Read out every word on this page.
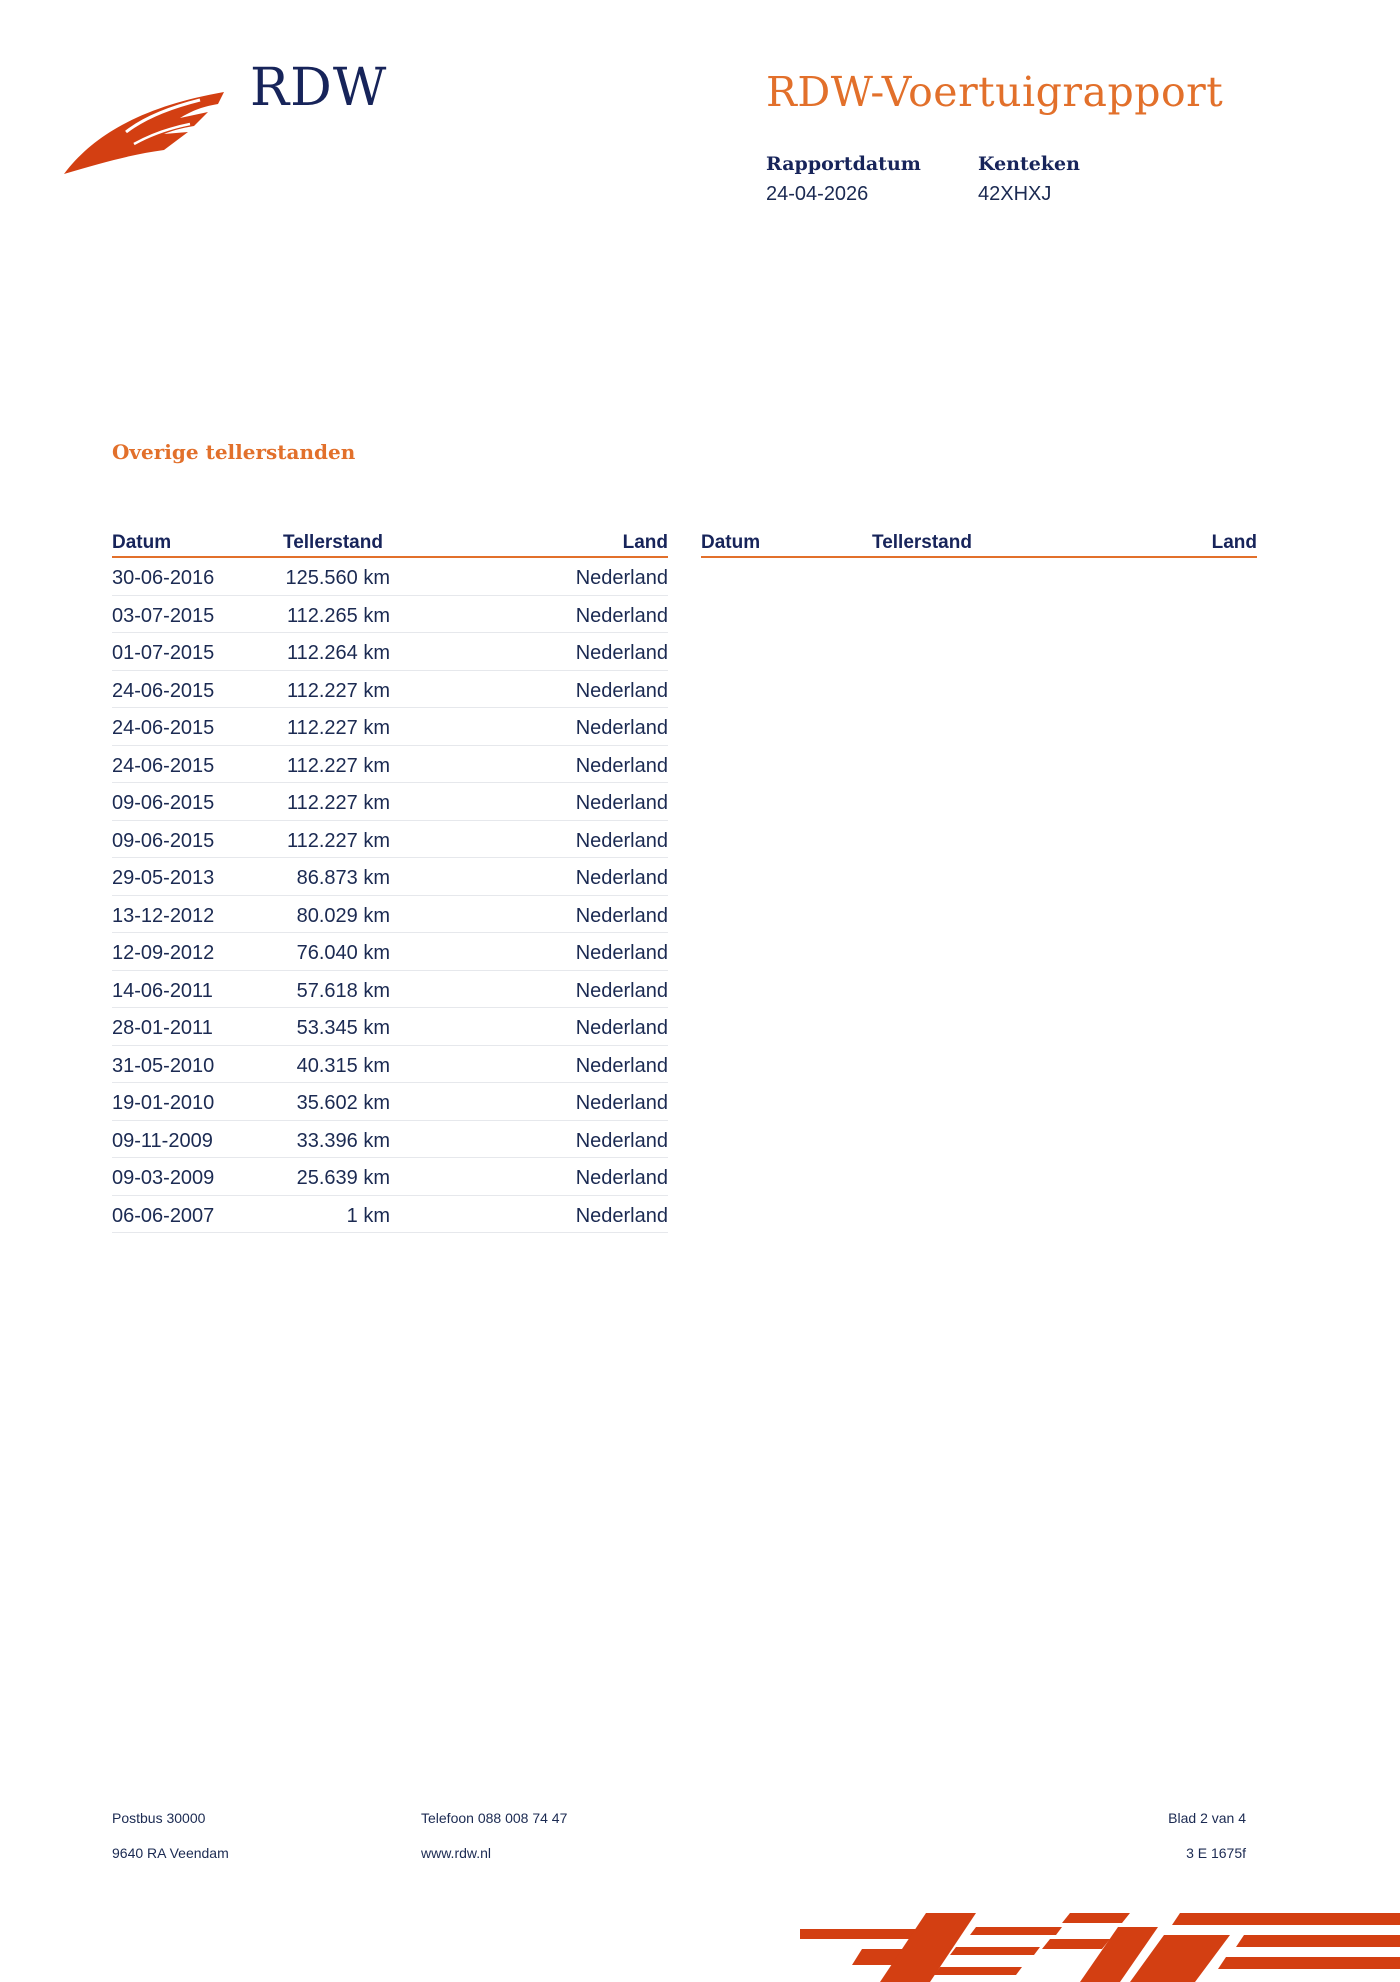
RDW	RDW-Voertuigrapport
Rapportdatum
24-04-2026
Kenteken
42XHXJ
Overige tellerstanden
Datum	Tellerstand	Land
30-06-2016	125.560 km	Nederland
03-07-2015	112.265 km	Nederland
01-07-2015	112.264 km	Nederland
24-06-2015	112.227 km	Nederland
24-06-2015	112.227 km	Nederland
24-06-2015	112.227 km	Nederland
09-06-2015	112.227 km	Nederland
09-06-2015	112.227 km	Nederland
29-05-2013	86.873 km	Nederland
13-12-2012	80.029 km	Nederland
12-09-2012	76.040 km	Nederland
14-06-2011	57.618 km	Nederland
28-01-2011	53.345 km	Nederland
31-05-2010	40.315 km	Nederland
19-01-2010	35.602 km	Nederland
09-11-2009	33.396 km	Nederland
09-03-2009	25.639 km	Nederland
06-06-2007	1 km	Nederland
Datum	Tellerstand	Land
Postbus 30000
9640 RA Veendam
Telefoon 088 008 74 47
www.rdw.nl
Blad 2 van 4
3 E 1675f
